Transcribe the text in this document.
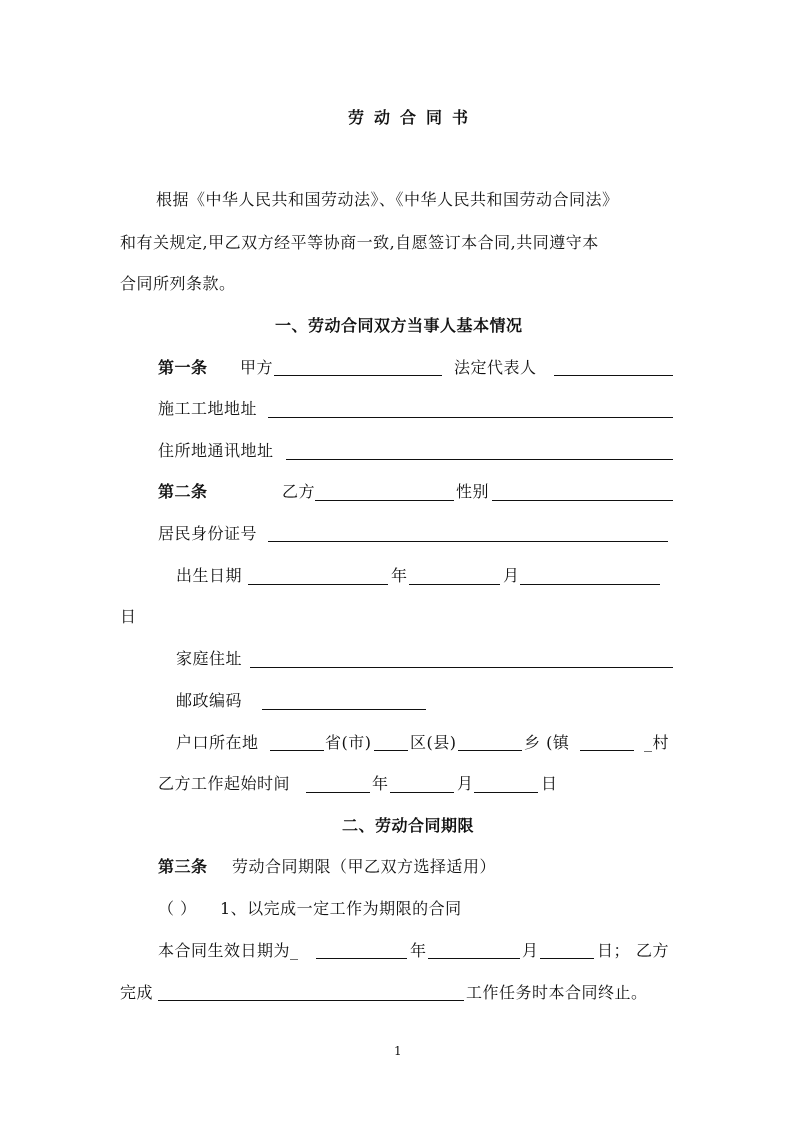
劳动合同书
根据《中华人民共和国劳动法》、《中华人民共和国劳动合同法》
和有关规定,甲乙双方经平等协商一致,自愿签订本合同,共同遵守本
合同所列条款。
一、劳动合同双方当事人基本情况
第一条 甲方	法定代表人
施工工地地址
住所地通讯地址
第二条	乙方	性别
居民身份证号
出生日期	年	月
日
家庭住址
邮政编码
户口所在地	省(市) 区(县)	乡 (镇	_村
乙方工作起始时间	年	月	日
二、劳动合同期限
第三条 劳动合同期限（甲乙双方选择适用）
（ ） 1、以完成一定工作为期限的合同
本合同生效日期为_	年	月	日； 乙方
完成	工作任务时本合同终止。
1
